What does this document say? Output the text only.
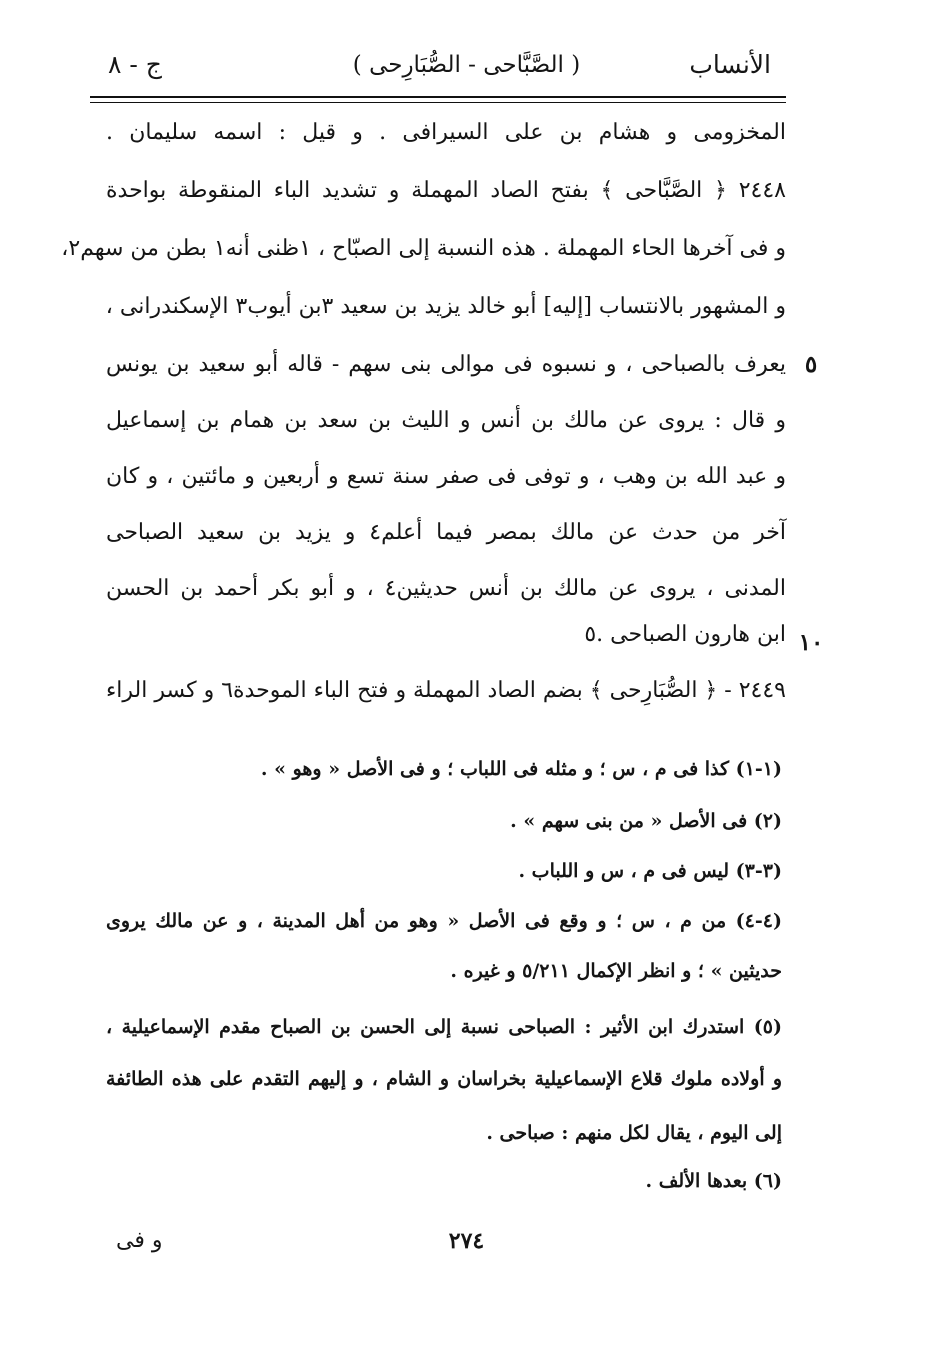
الأنساب
( الصَّبَّاحى - الصُّبَارِحى )
ج - ٨
المخزومى و هشام بن على السيرافى . و قيل : اسمه سليمان .
٢٤٤٨ ﴿ الصَّبَّاحى ﴾ بفتح الصاد المهملة و تشديد الباء المنقوطة بواحدة
و فى آخرها الحاء المهملة . هذه النسبة إلى الصبّاح ، ١ظنى أنه١ بطن من سهم٢،
و المشهور بالانتساب [إليه] أبو خالد يزيد بن سعيد ٣بن أيوب٣ الإسكندرانى ،
يعرف بالصباحى ، و نسبوه فى موالى بنى سهم - قاله أبو سعيد بن يونس ٥
و قال : يروى عن مالك بن أنس و الليث بن سعد بن همام بن إسماعيل
و عبد الله بن وهب ، و توفى فى صفر سنة تسع و أربعين و مائتين ، و كان
آخر من حدث عن مالك بمصر فيما أعلم٤ و يزيد بن سعيد الصباحى
المدنى ، يروى عن مالك بن أنس حديثين٤ ، و أبو بكر أحمد بن الحسن
ابن هارون الصباحى .٥ ١٠
٢٤٤٩ - ﴿ الصُّبَارِحى ﴾ بضم الصاد المهملة و فتح الباء الموحدة٦ و كسر الراء
(١-١) كذا فى م ، س ؛ و مثله فى اللباب ؛ و فى الأصل « وهو » .
(٢) فى الأصل « من بنى سهم » .
(٣-٣) ليس فى م ، س و اللباب .
(٤-٤) من م ، س ؛ و وقع فى الأصل « وهو من أهل المدينة ، و عن مالك يروى
حديثين » ؛ و انظر الإكمال ٥/٢١١ و غيره .
(٥) استدرك ابن الأثير : الصباحى نسبة إلى الحسن بن الصباح مقدم الإسماعيلية ،
و أولاده ملوك قلاع الإسماعيلية بخراسان و الشام ، و إليهم التقدم على هذه الطائفة
إلى اليوم ، يقال لكل منهم : صباحى .
(٦) بعدها الألف .
٢٧٤
و فى
